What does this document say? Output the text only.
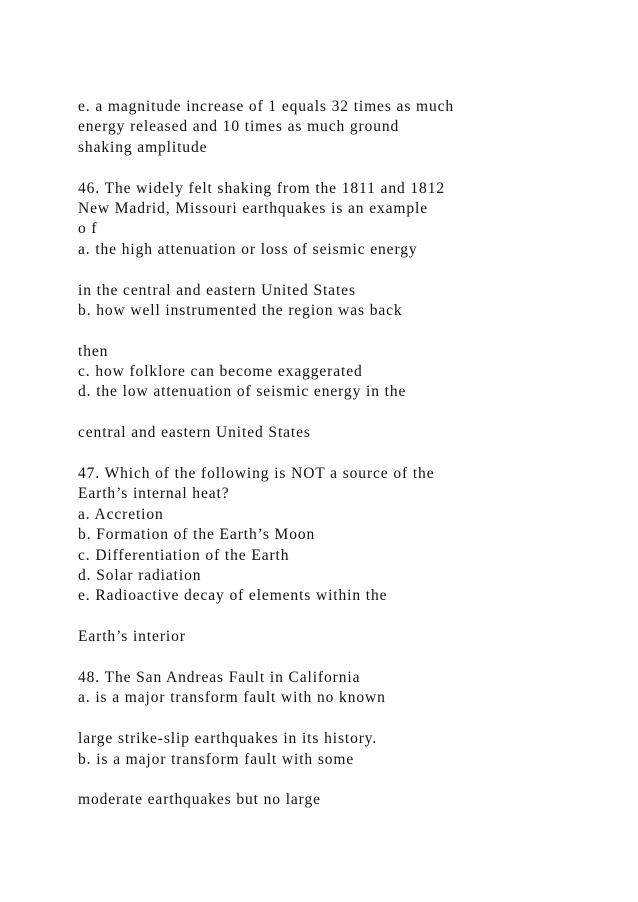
e. a magnitude increase of 1 equals 32 times as much
energy released and 10 times as much ground
shaking amplitude
46. The widely felt shaking from the 1811 and 1812
New Madrid, Missouri earthquakes is an example
o f
a. the high attenuation or loss of seismic energy
in the central and eastern United States
b. how well instrumented the region was back
then
c. how folklore can become exaggerated
d. the low attenuation of seismic energy in the
central and eastern United States
47. Which of the following is NOT a source of the
Earth’s internal heat?
a. Accretion
b. Formation of the Earth’s Moon
c. Differentiation of the Earth
d. Solar radiation
e. Radioactive decay of elements within the
Earth’s interior
48. The San Andreas Fault in California
a. is a major transform fault with no known
large strike-slip earthquakes in its history.
b. is a major transform fault with some
moderate earthquakes but no large
